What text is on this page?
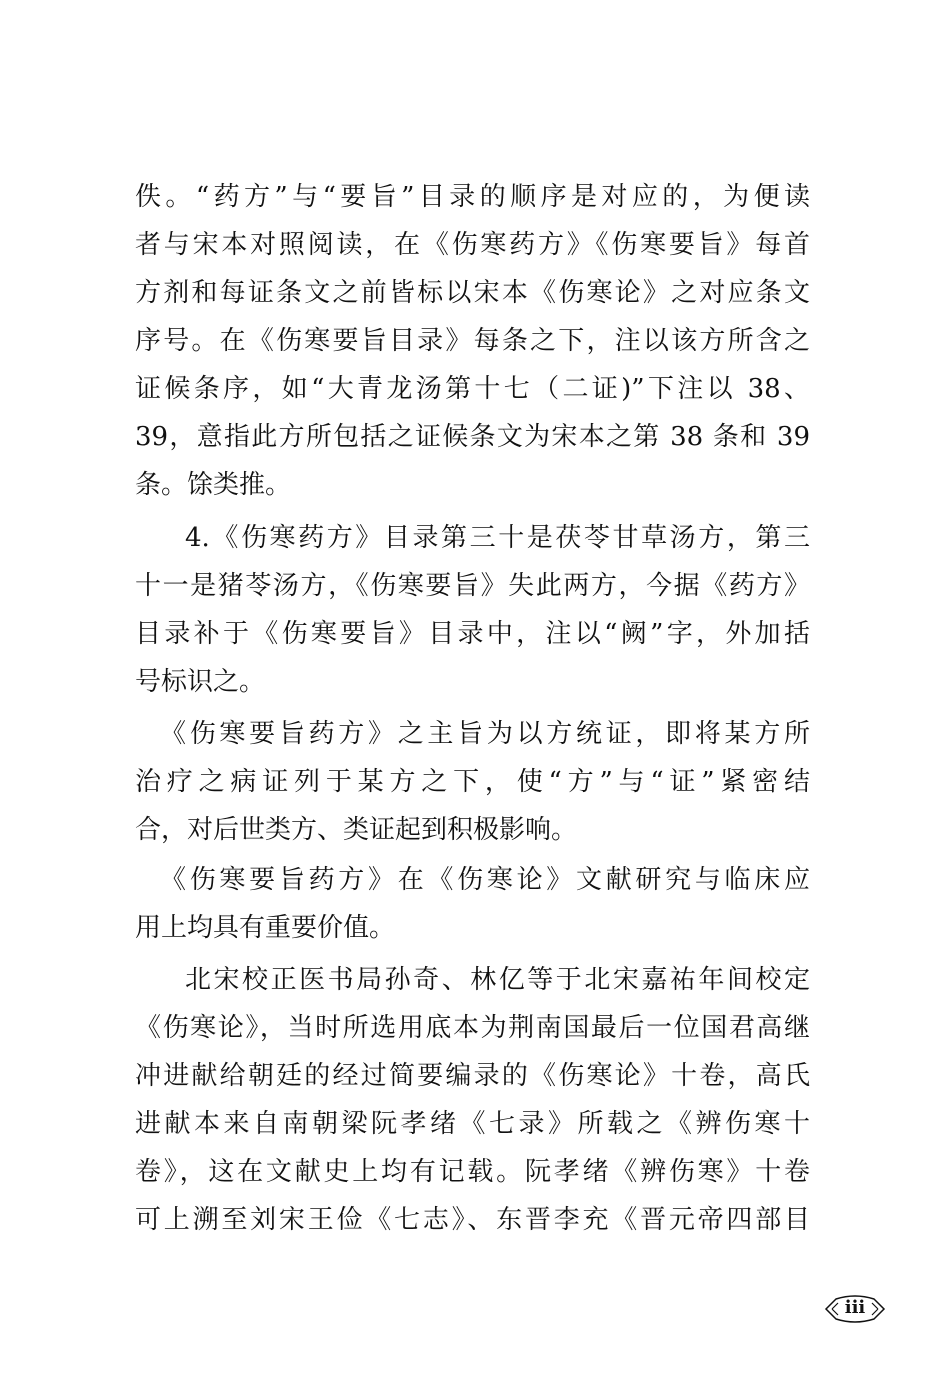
佚。“药方”与“要旨”目录的顺序是对应的，为便读
者与宋本对照阅读，在《伤寒药方》《伤寒要旨》每首
方剂和每证条文之前皆标以宋本《伤寒论》之对应条文
序号。在《伤寒要旨目录》每条之下，注以该方所含之
证候条序，如“大青龙汤第十七（二证)”下注以 38、
39，意指此方所包括之证候条文为宋本之第 38 条和 39
条。馀类推。
4.《伤寒药方》目录第三十是茯苓甘草汤方，第三
十一是猪苓汤方，《伤寒要旨》失此两方，今据《药方》
目录补于《伤寒要旨》目录中，注以“阙”字，外加括
号标识之。
《伤寒要旨药方》之主旨为以方统证，即将某方所
治疗之病证列于某方之下，使“方”与“证”紧密结
合，对后世类方、类证起到积极影响。
《伤寒要旨药方》在《伤寒论》文献研究与临床应
用上均具有重要价值。
北宋校正医书局孙奇、林亿等于北宋嘉祐年间校定
《伤寒论》，当时所选用底本为荆南国最后一位国君高继
冲进献给朝廷的经过简要编录的《伤寒论》十卷，高氏
进献本来自南朝梁阮孝绪《七录》所载之《辨伤寒十
卷》，这在文献史上均有记载。阮孝绪《辨伤寒》十卷
可上溯至刘宋王俭《七志》、东晋李充《晋元帝四部目
iii
